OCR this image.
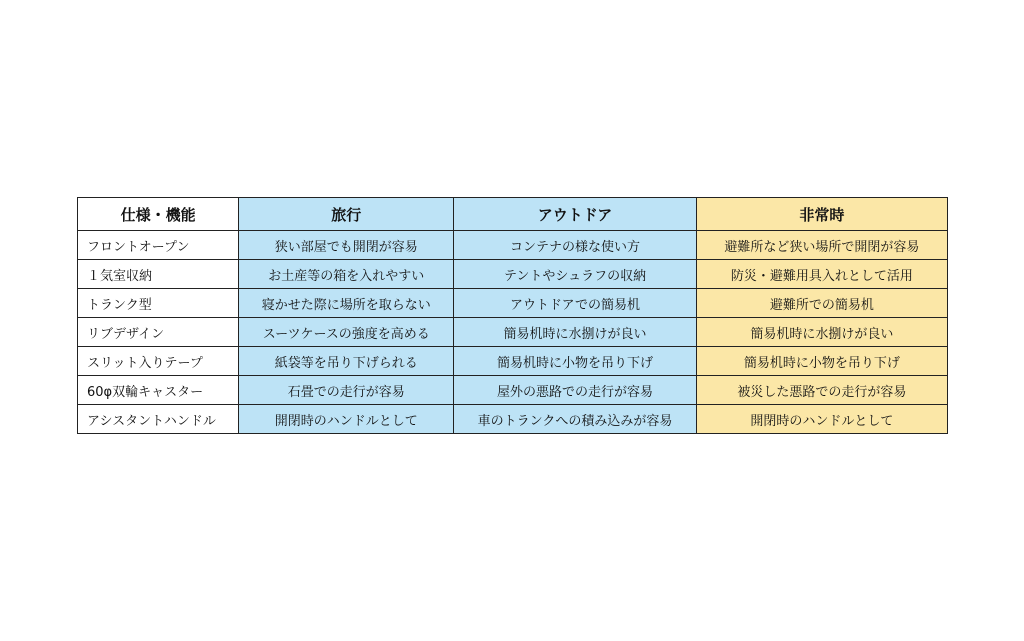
仕様・機能	旅行	アウトドア	非常時
フロントオープン	狭い部屋でも開閉が容易	コンテナの様な使い方	避難所など狭い場所で開閉が容易
１気室収納	お土産等の箱を入れやすい	テントやシュラフの収納	防災・避難用具入れとして活用
トランク型	寝かせた際に場所を取らない	アウトドアでの簡易机	避難所での簡易机
リブデザイン	スーツケースの強度を高める	簡易机時に水捌けが良い	簡易机時に水捌けが良い
スリット入りテープ	紙袋等を吊り下げられる	簡易机時に小物を吊り下げ	簡易机時に小物を吊り下げ
60φ双輪キャスター	石畳での走行が容易	屋外の悪路での走行が容易	被災した悪路での走行が容易
アシスタントハンドル	開閉時のハンドルとして	車のトランクへの積み込みが容易	開閉時のハンドルとして
